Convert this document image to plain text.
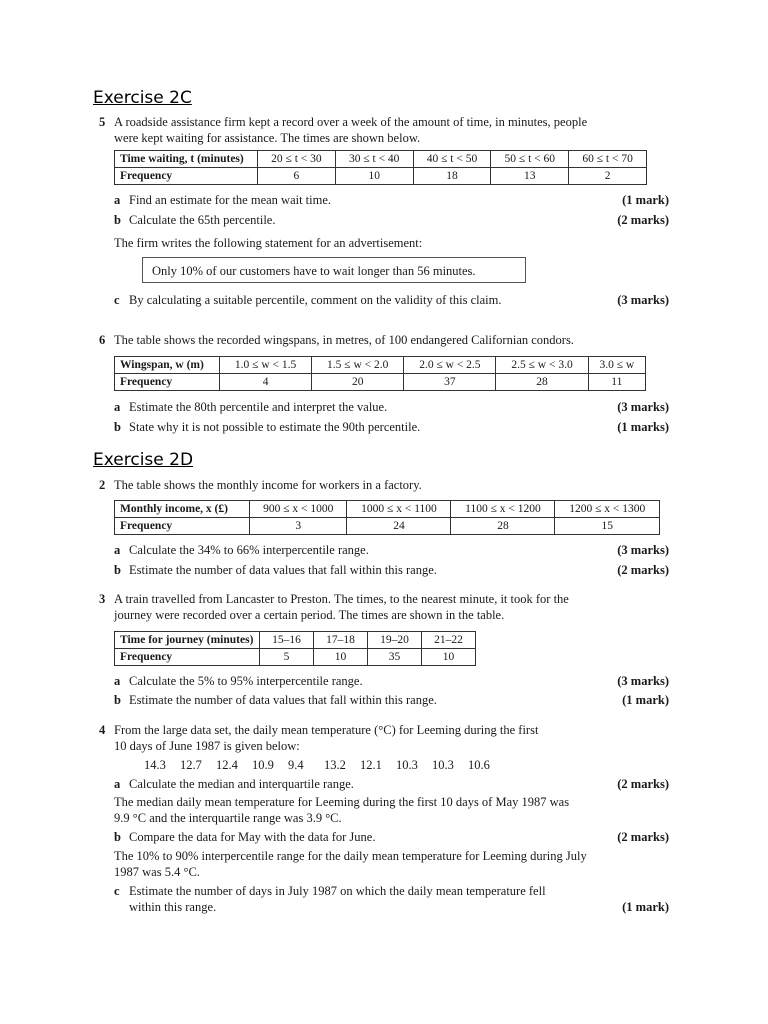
Exercise 2C
5 A roadside assistance firm kept a record over a week of the amount of time, in minutes, people
were kept waiting for assistance. The times are shown below.
Time waiting, t (minutes)	20 ≤ t < 30	30 ≤ t < 40	40 ≤ t < 50	50 ≤ t < 60	60 ≤ t < 70
Frequency	6	10	18	13	2
a Find an estimate for the mean wait time.	(1 mark)
b Calculate the 65th percentile.	(2 marks)
The firm writes the following statement for an advertisement:
Only 10% of our customers have to wait longer than 56 minutes.
c By calculating a suitable percentile, comment on the validity of this claim.	(3 marks)
6 The table shows the recorded wingspans, in metres, of 100 endangered Californian condors.
Wingspan, w (m)	1.0 ≤ w < 1.5	1.5 ≤ w < 2.0	2.0 ≤ w < 2.5	2.5 ≤ w < 3.0	3.0 ≤ w
Frequency	4	20	37	28	11
a Estimate the 80th percentile and interpret the value.	(3 marks)
b State why it is not possible to estimate the 90th percentile.	(1 marks)
Exercise 2D
2 The table shows the monthly income for workers in a factory.
Monthly income, x (£)	900 ≤ x < 1000	1000 ≤ x < 1100	1100 ≤ x < 1200	1200 ≤ x < 1300
Frequency	3	24	28	15
a Calculate the 34% to 66% interpercentile range.	(3 marks)
b Estimate the number of data values that fall within this range.	(2 marks)
3 A train travelled from Lancaster to Preston. The times, to the nearest minute, it took for the
journey were recorded over a certain period. The times are shown in the table.
Time for journey (minutes)	15–16	17–18	19–20	21–22
Frequency	5	10	35	10
a Calculate the 5% to 95% interpercentile range.	(3 marks)
b Estimate the number of data values that fall within this range.	(1 mark)
4 From the large data set, the daily mean temperature (°C) for Leeming during the first
10 days of June 1987 is given below:
14.3 12.7 12.4 10.9 9.4 13.2 12.1 10.3 10.3 10.6
a Calculate the median and interquartile range.	(2 marks)
The median daily mean temperature for Leeming during the first 10 days of May 1987 was
9.9 °C and the interquartile range was 3.9 °C.
b Compare the data for May with the data for June.	(2 marks)
The 10% to 90% interpercentile range for the daily mean temperature for Leeming during July
1987 was 5.4 °C.
c Estimate the number of days in July 1987 on which the daily mean temperature fell
within this range.	(1 mark)
